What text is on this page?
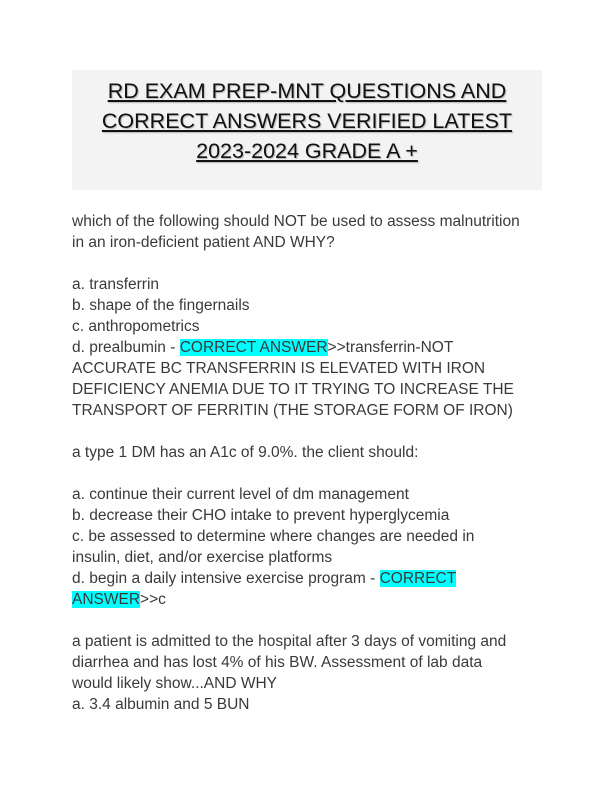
RD EXAM PREP-MNT QUESTIONS AND
CORRECT ANSWERS VERIFIED LATEST
2023-2024 GRADE A +
which of the following should NOT be used to assess malnutrition
in an iron-deficient patient AND WHY?
a. transferrin
b. shape of the fingernails
c. anthropometrics
d. prealbumin - CORRECT ANSWER>>transferrin-NOT
ACCURATE BC TRANSFERRIN IS ELEVATED WITH IRON
DEFICIENCY ANEMIA DUE TO IT TRYING TO INCREASE THE
TRANSPORT OF FERRITIN (THE STORAGE FORM OF IRON)
a type 1 DM has an A1c of 9.0%. the client should:
a. continue their current level of dm management
b. decrease their CHO intake to prevent hyperglycemia
c. be assessed to determine where changes are needed in
insulin, diet, and/or exercise platforms
d. begin a daily intensive exercise program - CORRECT
ANSWER>>c
a patient is admitted to the hospital after 3 days of vomiting and
diarrhea and has lost 4% of his BW. Assessment of lab data
would likely show...AND WHY
a. 3.4 albumin and 5 BUN
